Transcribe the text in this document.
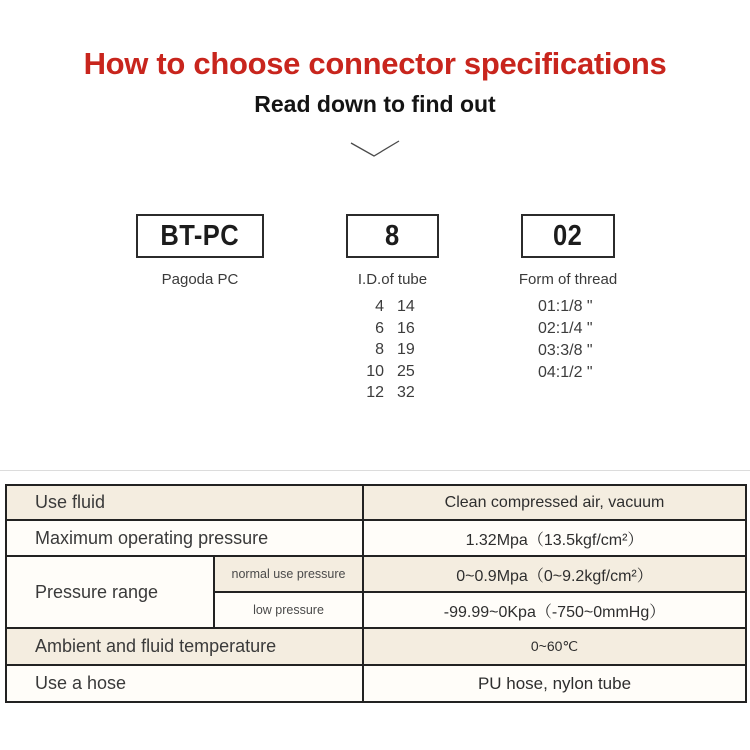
How to choose connector specifications
Read down to find out
BT-PC	8	02
Pagoda PC	I.D.of tube	Form of thread
4 14
6 16
8 19
10 25
12 32
01:1/8 "
02:1/4 "
03:3/8 "
04:1/2 "
Use fluid		Clean compressed air, vacuum
Maximum operating pressure		1.32Mpa（13.5kgf/cm²）
Pressure range	normal use pressure	0~0.9Mpa（0~9.2kgf/cm²）
	low pressure	-99.99~0Kpa（-750~0mmHg）
Ambient and fluid temperature		0~60℃
Use a hose		PU hose, nylon tube
